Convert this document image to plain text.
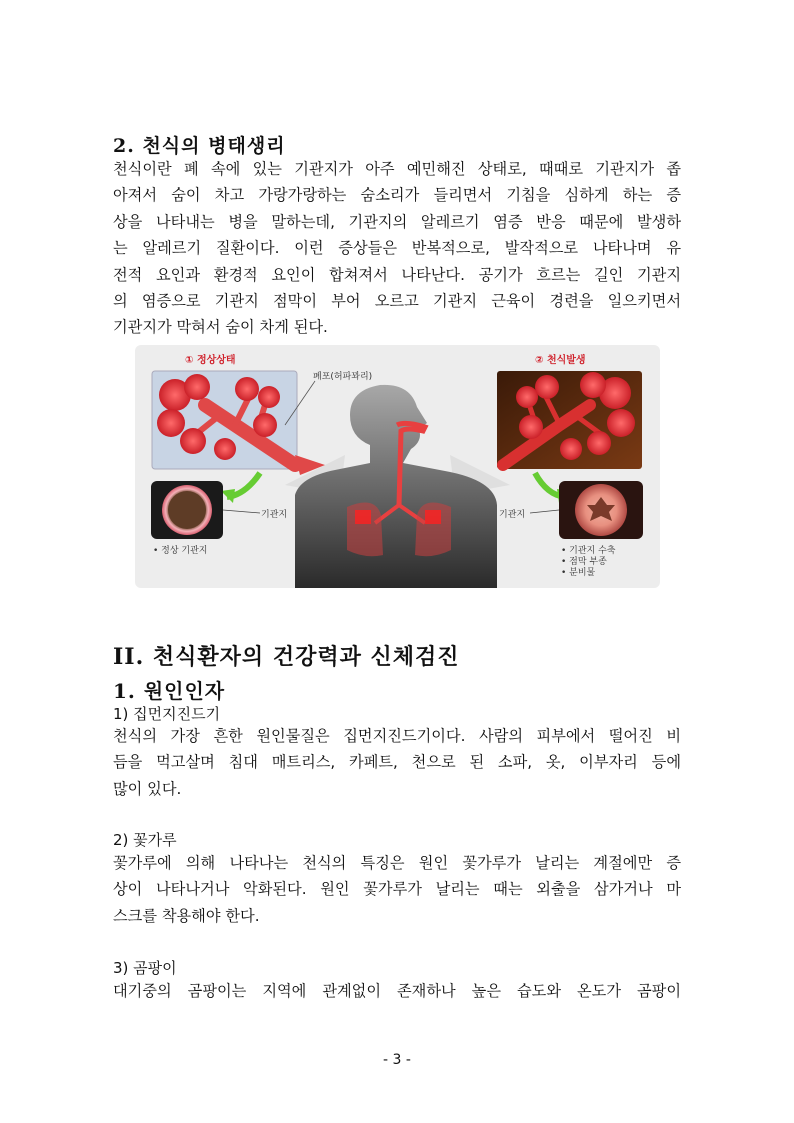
2. 천식의 병태생리
천식이란 폐 속에 있는 기관지가 아주 예민해진 상태로, 때때로 기관지가 좁
아져서 숨이 차고 가랑가랑하는 숨소리가 들리면서 기침을 심하게 하는 증
상을 나타내는 병을 말하는데, 기관지의 알레르기 염증 반응 때문에 발생하
는 알레르기 질환이다. 이런 증상들은 반복적으로, 발작적으로 나타나며 유
전적 요인과 환경적 요인이 합쳐져서 나타난다. 공기가 흐르는 길인 기관지
의 염증으로 기관지 점막이 부어 오르고 기관지 근육이 경련을 일으키면서
기관지가 막혀서 숨이 차게 된다.
① 정상상태	② 천식발생
폐포(허파꽈리)
기관지
• 정상 기관지
기관지
• 기관지 수축
• 점막 부종
• 분비물
II. 천식환자의 건강력과 신체검진
1. 원인인자
1) 집먼지진드기
천식의 가장 흔한 원인물질은 집먼지진드기이다. 사람의 피부에서 떨어진 비
듬을 먹고살며 침대 매트리스, 카페트, 천으로 된 소파, 옷, 이부자리 등에
많이 있다.
2) 꽃가루
꽃가루에 의해 나타나는 천식의 특징은 원인 꽃가루가 날리는 계절에만 증
상이 나타나거나 악화된다. 원인 꽃가루가 날리는 때는 외출을 삼가거나 마
스크를 착용해야 한다.
3) 곰팡이
대기중의 곰팡이는 지역에 관계없이 존재하나 높은 습도와 온도가 곰팡이
- 3 -
